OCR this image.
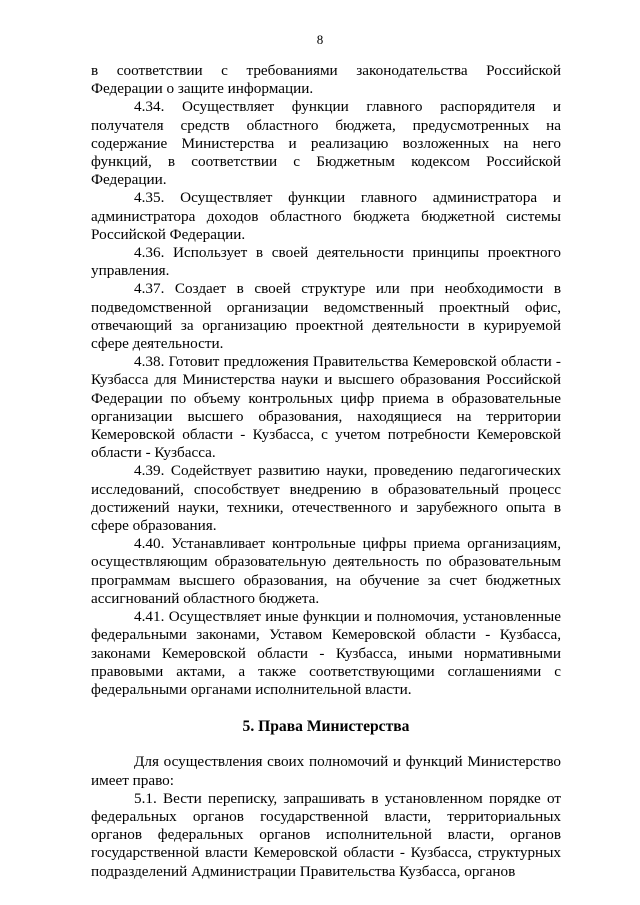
8

в соответствии с требованиями законодательства Российской Федерации о защите информации.

4.34. Осуществляет функции главного распорядителя и получателя средств областного бюджета, предусмотренных на содержание Министерства и реализацию возложенных на него функций, в соответствии с Бюджетным кодексом Российской Федерации.

4.35. Осуществляет функции главного администратора и администратора доходов областного бюджета бюджетной системы Российской Федерации.

4.36. Использует в своей деятельности принципы проектного управления.

4.37. Создает в своей структуре или при необходимости в подведомственной организации ведомственный проектный офис, отвечающий за организацию проектной деятельности в курируемой сфере деятельности.

4.38. Готовит предложения Правительства Кемеровской области - Кузбасса для Министерства науки и высшего образования Российской Федерации по объему контрольных цифр приема в образовательные организации высшего образования, находящиеся на территории Кемеровской области - Кузбасса, с учетом потребности Кемеровской области - Кузбасса.

4.39. Содействует развитию науки, проведению педагогических исследований, способствует внедрению в образовательный процесс достижений науки, техники, отечественного и зарубежного опыта в сфере образования.

4.40. Устанавливает контрольные цифры приема организациям, осуществляющим образовательную деятельность по образовательным программам высшего образования, на обучение за счет бюджетных ассигнований областного бюджета.

4.41. Осуществляет иные функции и полномочия, установленные федеральными законами, Уставом Кемеровской области - Кузбасса, законами Кемеровской области - Кузбасса, иными нормативными правовыми актами, а также соответствующими соглашениями с федеральными органами исполнительной власти.

5. Права Министерства

Для осуществления своих полномочий и функций Министерство имеет право:

5.1. Вести переписку, запрашивать в установленном порядке от федеральных органов государственной власти, территориальных органов федеральных органов исполнительной власти, органов государственной власти Кемеровской области - Кузбасса, структурных подразделений Администрации Правительства Кузбасса, органов
